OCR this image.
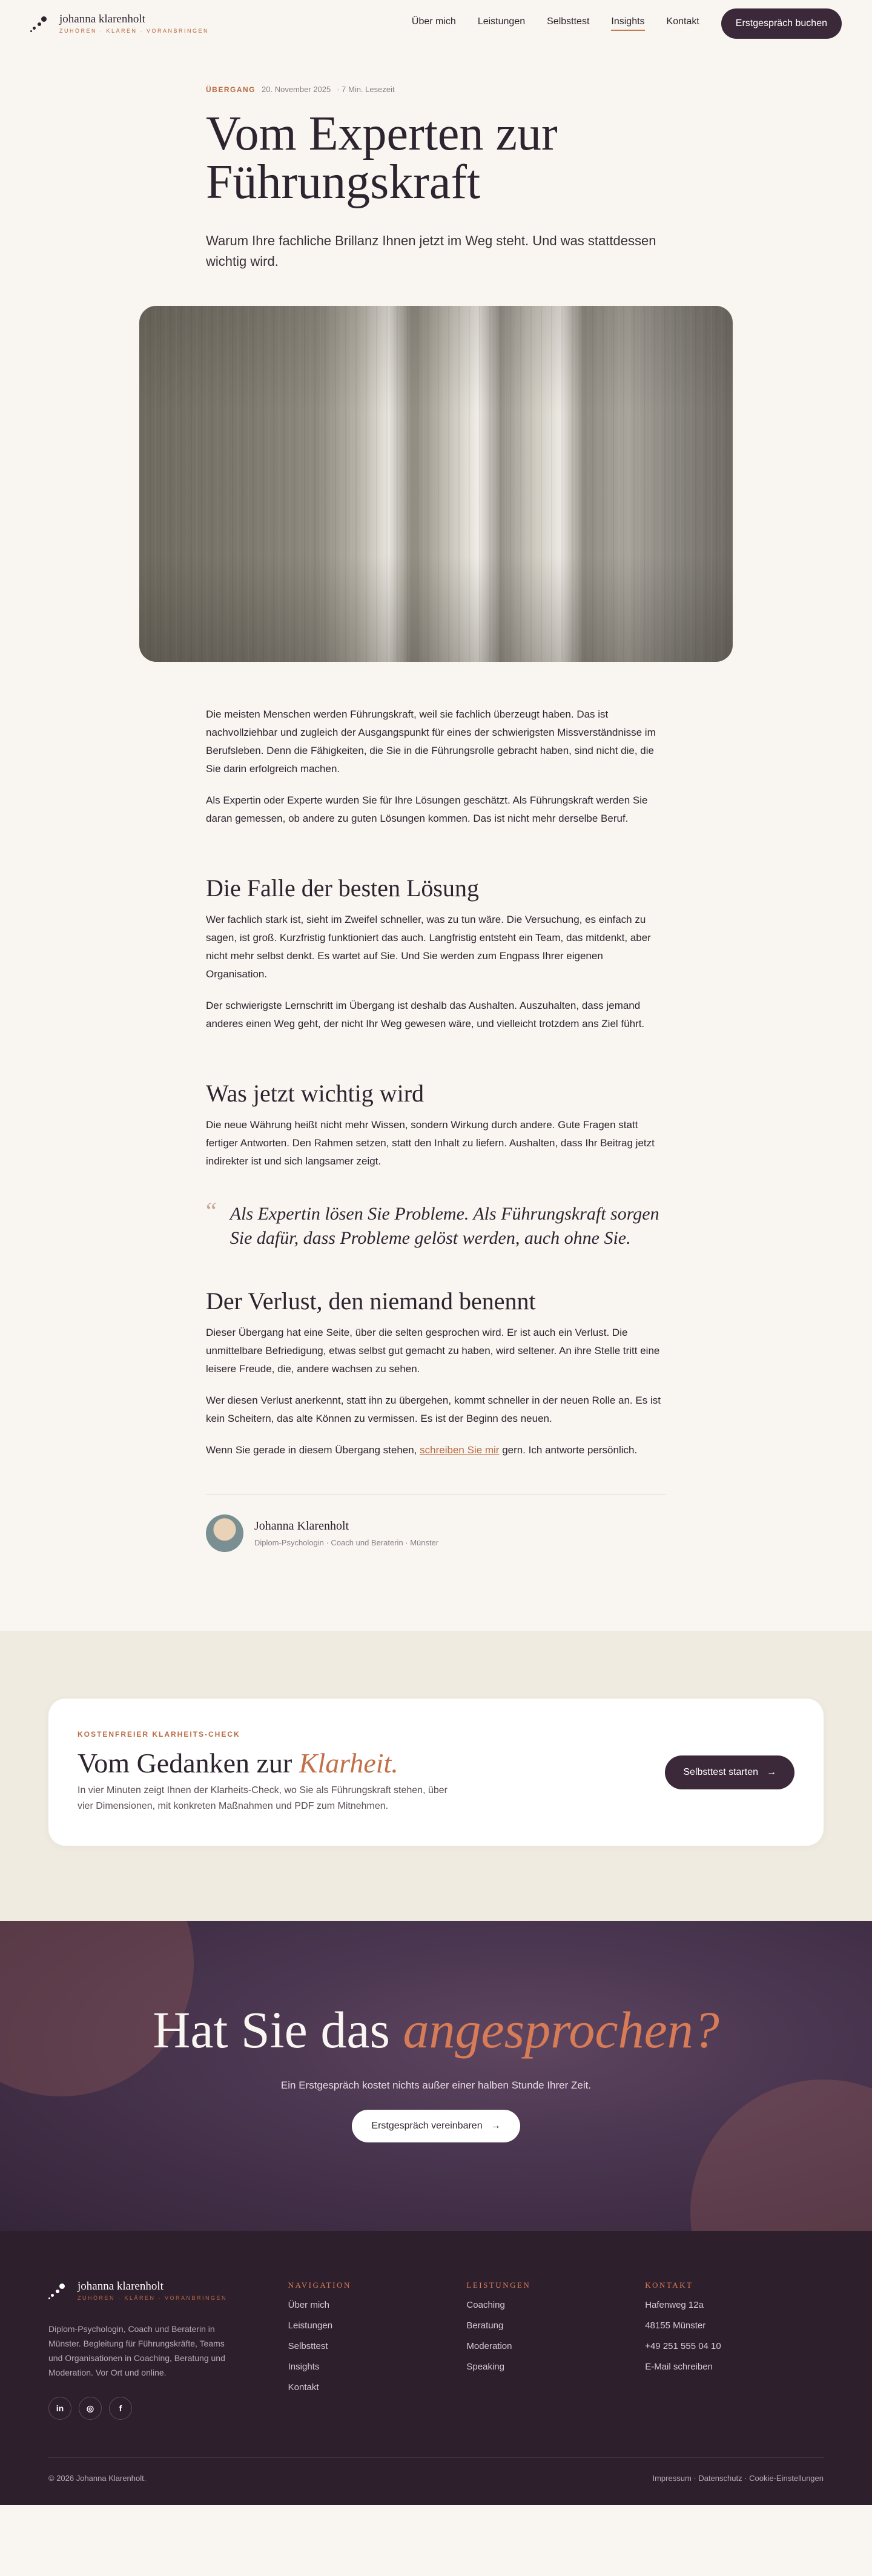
johanna klarenholt
ZUHÖREN · KLÄREN · VORANBRINGEN
Über mich Leistungen Selbsttest Insights Kontakt	Erstgespräch buchen
ÜBERGANG 20. November 2025 · 7 Min. Lesezeit
Vom Experten zur
Führungskraft

Warum Ihre fachliche Brillanz Ihnen jetzt im Weg steht. Und was stattdessen wichtig wird.

Die meisten Menschen werden Führungskraft, weil sie fachlich überzeugt haben. Das ist nachvollziehbar und zugleich der Ausgangspunkt für eines der schwierigsten Missverständnisse im Berufsleben. Denn die Fähigkeiten, die Sie in die Führungsrolle gebracht haben, sind nicht die, die Sie darin erfolgreich machen.

Als Expertin oder Experte wurden Sie für Ihre Lösungen geschätzt. Als Führungskraft werden Sie daran gemessen, ob andere zu guten Lösungen kommen. Das ist nicht mehr derselbe Beruf.

Die Falle der besten Lösung

Wer fachlich stark ist, sieht im Zweifel schneller, was zu tun wäre. Die Versuchung, es einfach zu sagen, ist groß. Kurzfristig funktioniert das auch. Langfristig entsteht ein Team, das mitdenkt, aber nicht mehr selbst denkt. Es wartet auf Sie. Und Sie werden zum Engpass Ihrer eigenen Organisation.

Der schwierigste Lernschritt im Übergang ist deshalb das Aushalten. Auszuhalten, dass jemand anderes einen Weg geht, der nicht Ihr Weg gewesen wäre, und vielleicht trotzdem ans Ziel führt.

Was jetzt wichtig wird

Die neue Währung heißt nicht mehr Wissen, sondern Wirkung durch andere. Gute Fragen statt fertiger Antworten. Den Rahmen setzen, statt den Inhalt zu liefern. Aushalten, dass Ihr Beitrag jetzt indirekter ist und sich langsamer zeigt.

“ Als Expertin lösen Sie Probleme. Als Führungskraft sorgen Sie dafür, dass Probleme gelöst werden, auch ohne Sie.

Der Verlust, den niemand benennt

Dieser Übergang hat eine Seite, über die selten gesprochen wird. Er ist auch ein Verlust. Die unmittelbare Befriedigung, etwas selbst gut gemacht zu haben, wird seltener. An ihre Stelle tritt eine leisere Freude, die, andere wachsen zu sehen.

Wer diesen Verlust anerkennt, statt ihn zu übergehen, kommt schneller in der neuen Rolle an. Es ist kein Scheitern, das alte Können zu vermissen. Es ist der Beginn des neuen.

Wenn Sie gerade in diesem Übergang stehen, schreiben Sie mir gern. Ich antworte persönlich.

Johanna Klarenholt
Diplom-Psychologin · Coach und Beraterin · Münster
KOSTENFREIER KLARHEITS-CHECK
Vom Gedanken zur Klarheit.

In vier Minuten zeigt Ihnen der Klarheits-Check, wo Sie als Führungskraft stehen, über vier Dimensionen, mit konkreten Maßnahmen und PDF zum Mitnehmen.

Selbsttest starten →
Hat Sie das angesprochen?

Ein Erstgespräch kostet nichts außer einer halben Stunde Ihrer Zeit.

Erstgespräch vereinbaren →
johanna klarenholt
ZUHÖREN · KLÄREN · VORANBRINGEN

Diplom-Psychologin, Coach und Beraterin in Münster. Begleitung für Führungskräfte, Teams und Organisationen in Coaching, Beratung und Moderation. Vor Ort und online.

in	◎	f
NAVIGATION
Über mich
Leistungen
Selbsttest
Insights
Kontakt
LEISTUNGEN
Coaching
Beratung
Moderation
Speaking
KONTAKT
Hafenweg 12a
48155 Münster
+49 251 555 04 10
E-Mail schreiben
© 2026 Johanna Klarenholt.	Impressum · Datenschutz · Cookie-Einstellungen
